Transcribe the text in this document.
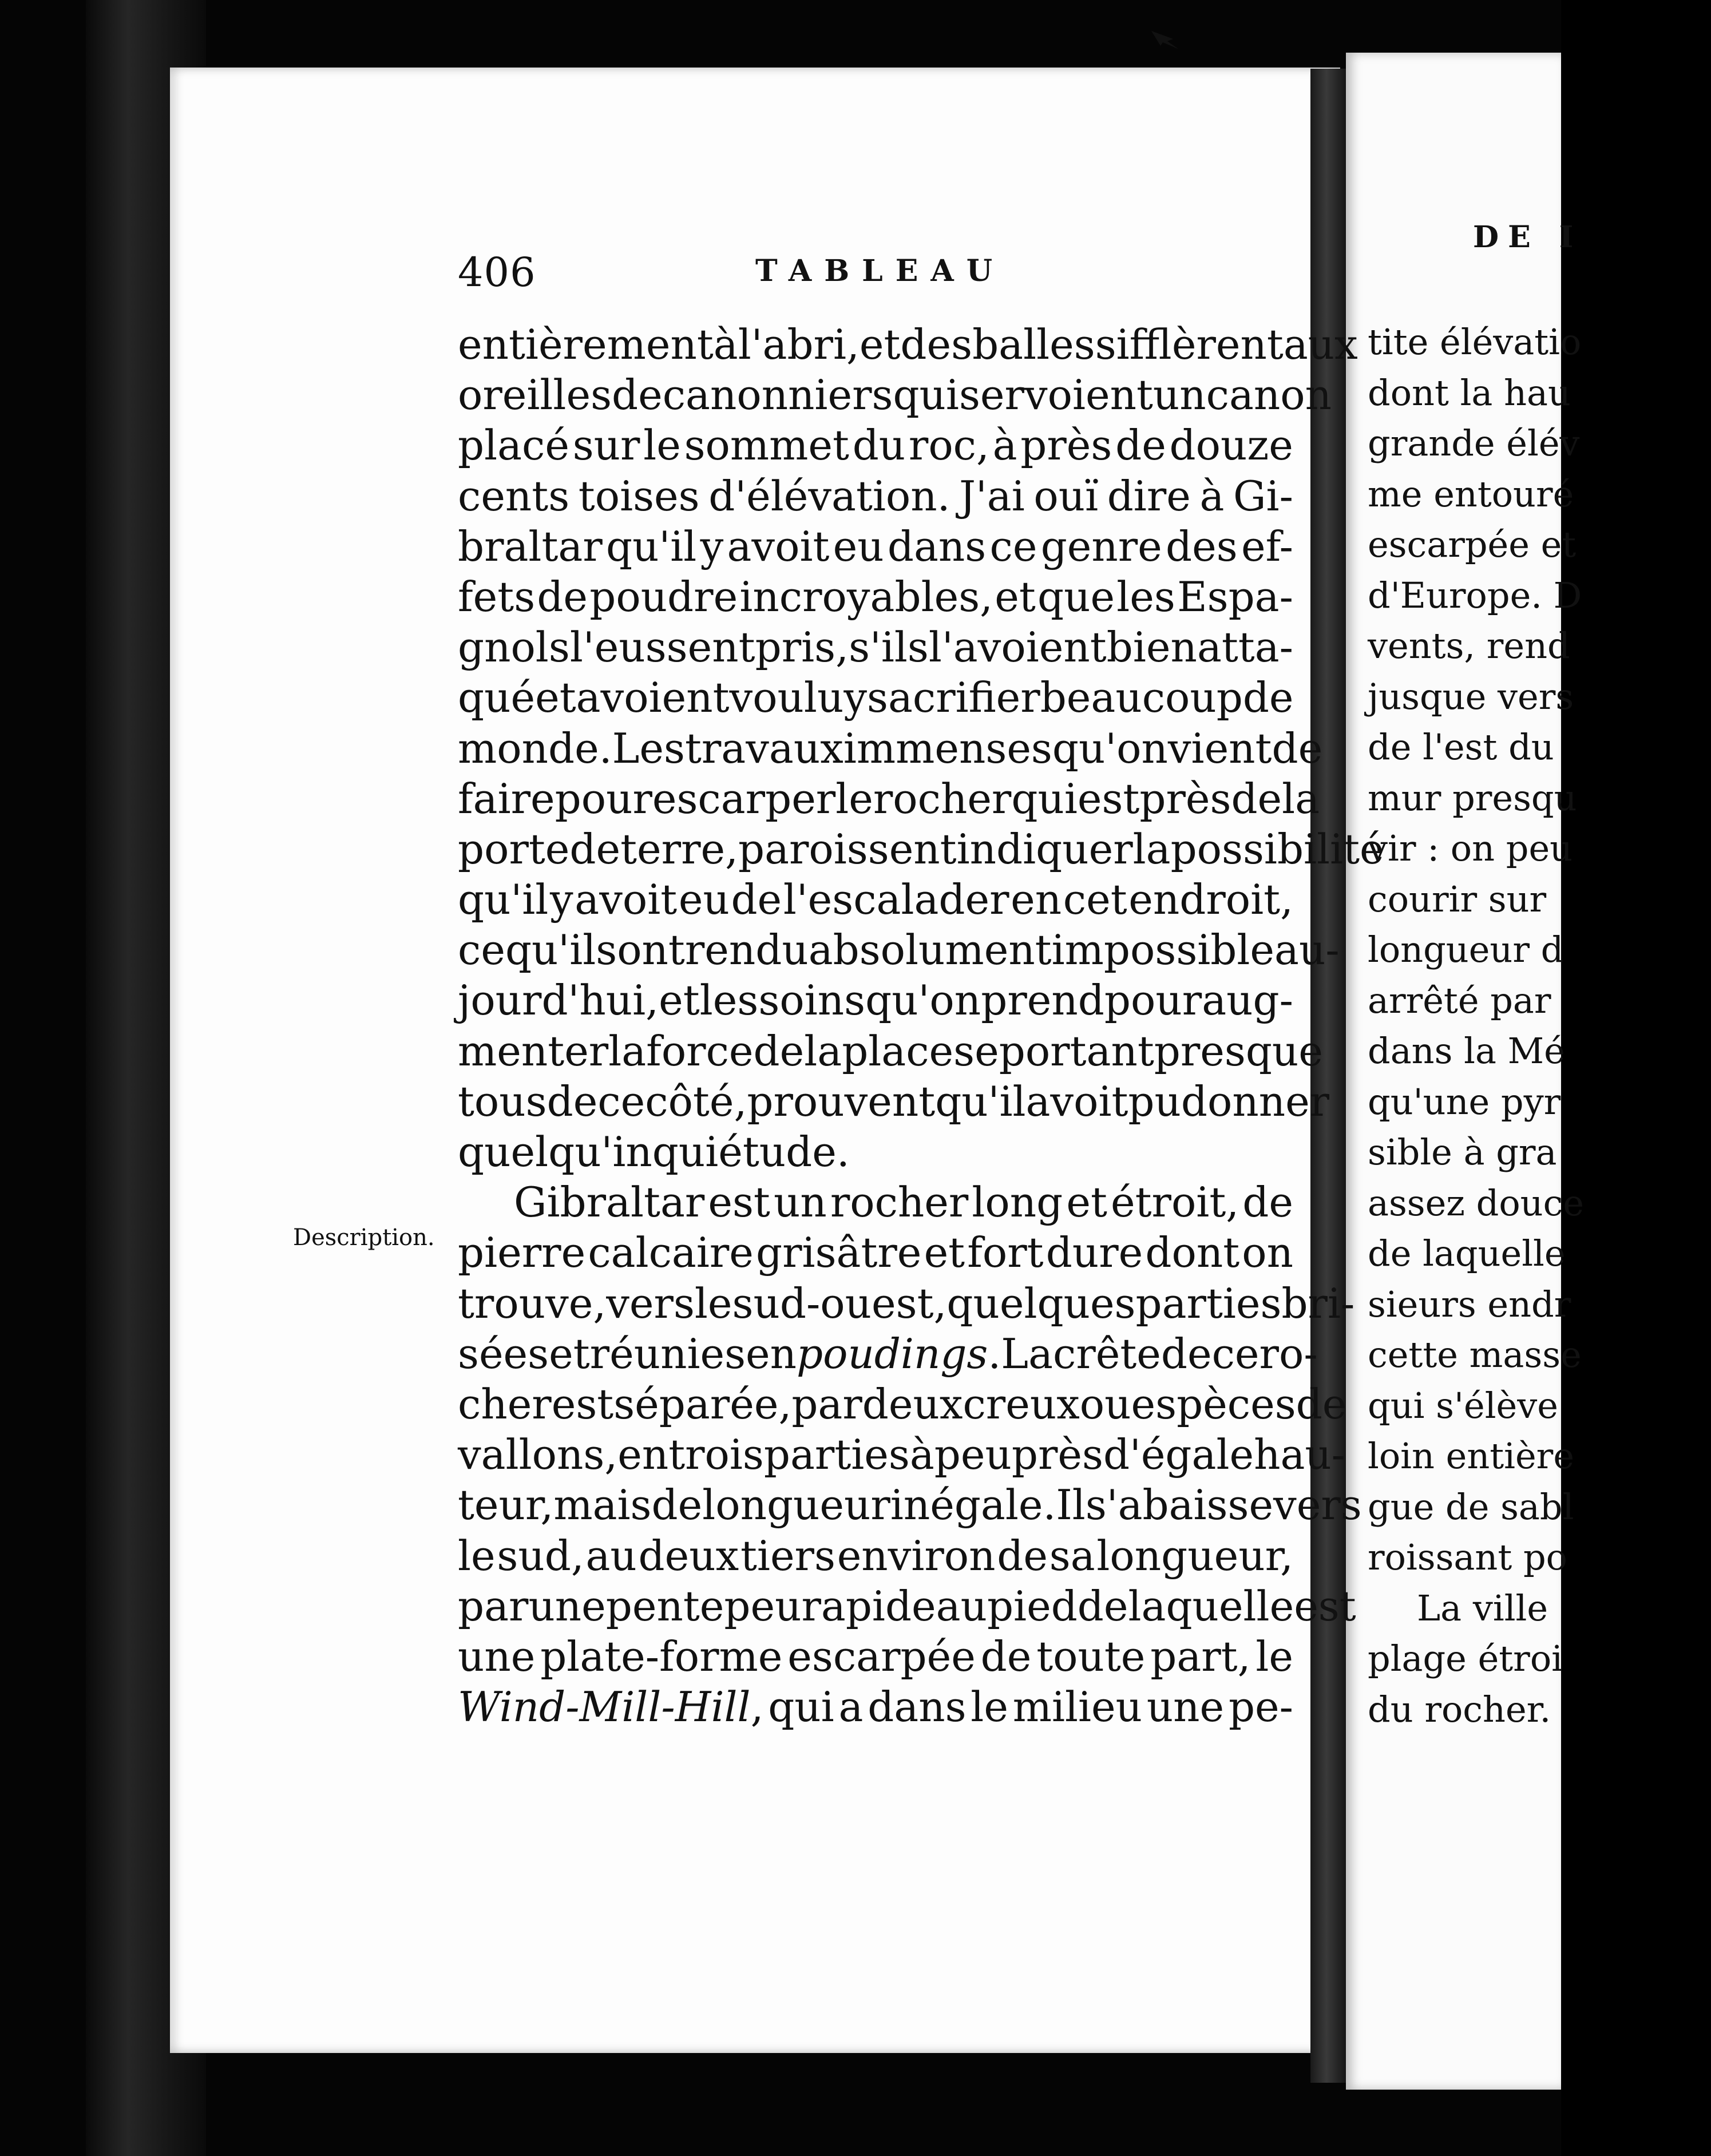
DE I
tite élévatio
dont la hau
grande élév
me entouré
escarpée et
d'Europe. D
vents, rend
jusque vers
de l'est du
mur presqu
vir : on peu
courir sur
longueur d
arrêté par
dans la Mé
qu'une pyr
sible à gra
assez douce
de laquelle
sieurs endr
cette masse
qui s'élève
loin entière
gue de sabl
roissant po
La ville
plage étroi
du rocher.
406	TABLEAU
Description.
entièrement à l'abri ,et des balles sifflèrent aux
oreilles de canonniers qui servoient un canon
placé sur le sommet du roc, à près de douze
cents toises d'élévation. J'ai ouï dire à Gi-
braltar qu'il y avoit eu dans ce genre des ef-
fets de poudre incroyables, et que les Espa-
gnols l'eussent pris, s'ils l'avoient bien atta-
qué et avoient voulu y sacrifier beaucoup de
monde. Les travaux immenses qu'on vient de
faire pour escarper le rocher qui est près de la
porte de terre,paroissent indiquer la possibilité
qu'il y avoit eu de l'escalader en cet endroit,
ce qu'ils ont rendu absolument impossible au-
jourd'hui, et les soins qu'on prend pour aug-
menter la force de la place se portant presque
tous de ce côté, prouvent qu'il avoit pu donner
quelqu'inquiétude.
Gibraltar est un rocher long et étroit, de
pierre calcaire grisâtre et fort dure dont on
trouve, vers le sud-ouest, quelques parties bri-
sées et réunies en poudings. La crête de ce ro-
cher est séparée, par deux creux ou espèces de
vallons, en trois parties à peu près d'égale hau-
teur, mais de longueur inégale. Il s'abaisse vers
le sud, au deux tiers environ de sa longueur,
par une pente peu rapide au pied de laquelle est
une plate-forme escarpée de toute part, le
Wind-Mill-Hill, qui a dans le milieu une pe-
